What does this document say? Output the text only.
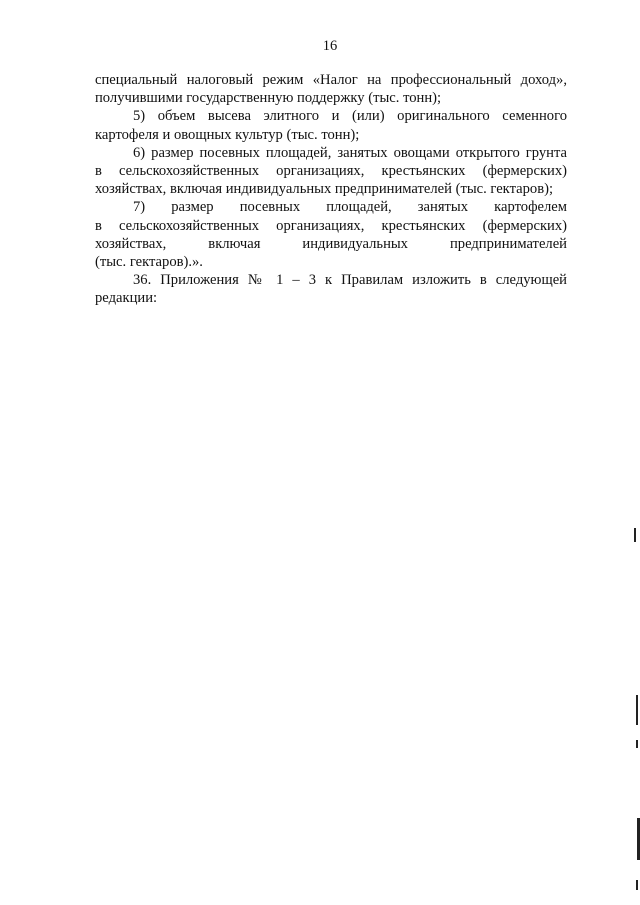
16
специальный налоговый режим «Налог на профессиональный доход»,
получившими государственную поддержку (тыс. тонн);
5) объем высева элитного и (или) оригинального семенного
картофеля и овощных культур (тыс. тонн);
6) размер посевных площадей, занятых овощами открытого грунта
в сельскохозяйственных организациях, крестьянских (фермерских)
хозяйствах, включая индивидуальных предпринимателей (тыс. гектаров);
7) размер посевных площадей, занятых картофелем
в сельскохозяйственных организациях, крестьянских (фермерских)
хозяйствах, включая индивидуальных предпринимателей
(тыс. гектаров).».
36. Приложения № 1 – 3 к Правилам изложить в следующей
редакции:
